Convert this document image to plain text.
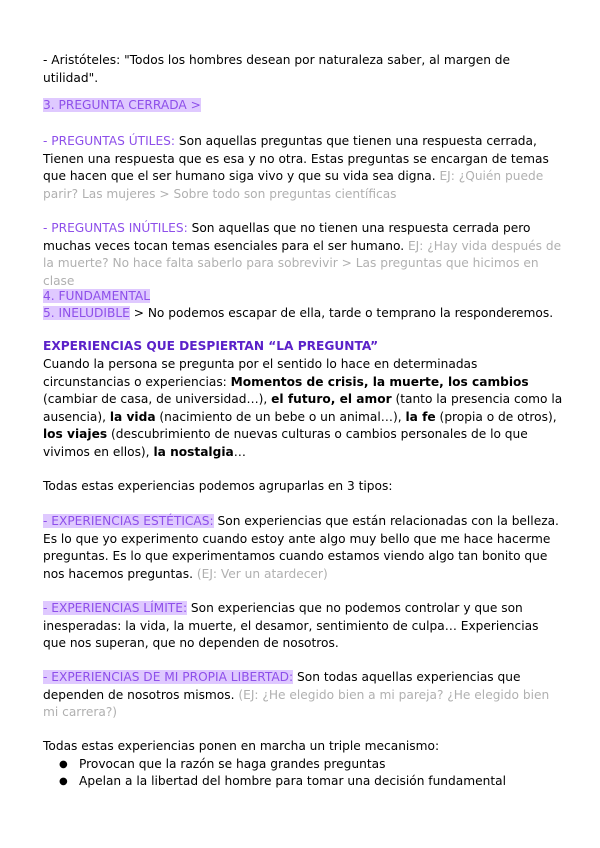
- Aristóteles: "Todos los hombres desean por naturaleza saber, al margen de utilidad".
3. PREGUNTA CERRADA >
- PREGUNTAS ÚTILES: Son aquellas preguntas que tienen una respuesta cerrada, Tienen una respuesta que es esa y no otra. Estas preguntas se encargan de temas que hacen que el ser humano siga vivo y que su vida sea digna. EJ: ¿Quién puede parir? Las mujeres > Sobre todo son preguntas científicas
- PREGUNTAS INÚTILES: Son aquellas que no tienen una respuesta cerrada pero muchas veces tocan temas esenciales para el ser humano. EJ: ¿Hay vida después de la muerte? No hace falta saberlo para sobrevivir > Las preguntas que hicimos en clase
4. FUNDAMENTAL
5. INELUDIBLE > No podemos escapar de ella, tarde o temprano la responderemos.
EXPERIENCIAS QUE DESPIERTAN “LA PREGUNTA”
Cuando la persona se pregunta por el sentido lo hace en determinadas circunstancias o experiencias: Momentos de crisis, la muerte, los cambios (cambiar de casa, de universidad…), el futuro, el amor (tanto la presencia como la ausencia), la vida (nacimiento de un bebe o un animal…), la fe (propia o de otros), los viajes (descubrimiento de nuevas culturas o cambios personales de lo que vivimos en ellos), la nostalgia…
Todas estas experiencias podemos agruparlas en 3 tipos:
- EXPERIENCIAS ESTÉTICAS: Son experiencias que están relacionadas con la belleza. Es lo que yo experimento cuando estoy ante algo muy bello que me hace hacerme preguntas. Es lo que experimentamos cuando estamos viendo algo tan bonito que nos hacemos preguntas. (EJ: Ver un atardecer)
- EXPERIENCIAS LÍMITE: Son experiencias que no podemos controlar y que son inesperadas: la vida, la muerte, el desamor, sentimiento de culpa… Experiencias que nos superan, que no dependen de nosotros.
- EXPERIENCIAS DE MI PROPIA LIBERTAD: Son todas aquellas experiencias que dependen de nosotros mismos. (EJ: ¿He elegido bien a mi pareja? ¿He elegido bien mi carrera?)
Todas estas experiencias ponen en marcha un triple mecanismo:
● Provocan que la razón se haga grandes preguntas
● Apelan a la libertad del hombre para tomar una decisión fundamental
